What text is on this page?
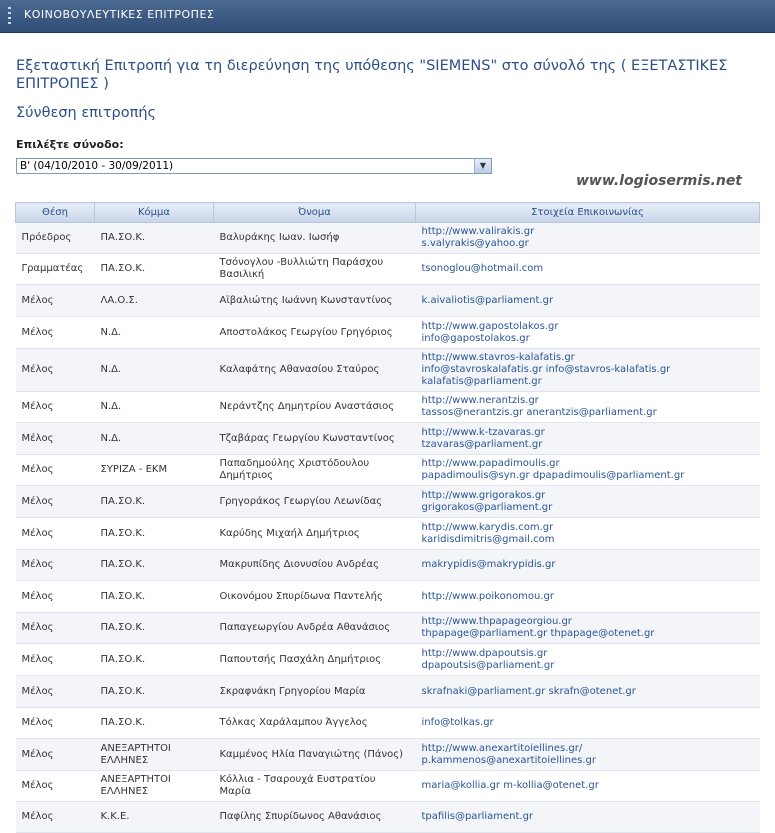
ΚΟΙΝΟΒΟΥΛΕΥΤΙΚΕΣ ΕΠΙΤΡΟΠΕΣ
Εξεταστική Επιτροπή για τη διερεύνηση της υπόθεσης "SIEMENS" στο σύνολό της ( ΕΞΕΤΑΣΤΙΚΕΣ ΕΠΙΤΡΟΠΕΣ )
Σύνθεση επιτροπής
Επιλέξτε σύνοδο:
Β' (04/10/2010 - 30/09/2011)	▼
www.logiosermis.net
Θέση	Κόμμα	Όνομα	Στοιχεία Επικοινωνίας
Πρόεδρος	ΠΑ.ΣΟ.Κ.	Βαλυράκης Ιωαν. Ιωσήφ	http://www.valirakis.gr
s.valyrakis@yahoo.gr

Γραμματέας	ΠΑ.ΣΟ.Κ.	Τσόνογλου -Βυλλιώτη Παράσχου Βασιλική	tsonoglou@hotmail.com

Μέλος	ΛΑ.Ο.Σ.	Αϊβαλιώτης Ιωάννη Κωνσταντίνος	k.aivaliotis@parliament.gr

Μέλος	Ν.Δ.	Αποστολάκος Γεωργίου Γρηγόριος	http://www.gapostolakos.gr
info@gapostolakos.gr

Μέλος	Ν.Δ.	Καλαφάτης Αθανασίου Σταύρος	http://www.stavros-kalafatis.gr
info@stavroskalafatis.gr info@stavros-kalafatis.gr
kalafatis@parliament.gr

Μέλος	Ν.Δ.	Νεράντζης Δημητρίου Αναστάσιος	http://www.nerantzis.gr
tassos@nerantzis.gr anerantzis@parliament.gr

Μέλος	Ν.Δ.	Τζαβάρας Γεωργίου Κωνσταντίνος	http://www.k-tzavaras.gr
tzavaras@parliament.gr

Μέλος	ΣΥΡΙΖΑ - ΕΚΜ	Παπαδημούλης Χριστόδουλου Δημήτριος	http://www.papadimoulis.gr
papadimoulis@syn.gr dpapadimoulis@parliament.gr

Μέλος	ΠΑ.ΣΟ.Κ.	Γρηγοράκος Γεωργίου Λεωνίδας	http://www.grigorakos.gr
grigorakos@parliament.gr

Μέλος	ΠΑ.ΣΟ.Κ.	Καρύδης Μιχαήλ Δημήτριος	http://www.karydis.com.gr
karidisdimitris@gmail.com

Μέλος	ΠΑ.ΣΟ.Κ.	Μακρυπίδης Διονυσίου Ανδρέας	makrypidis@makrypidis.gr

Μέλος	ΠΑ.ΣΟ.Κ.	Οικονόμου Σπυρίδωνα Παντελής	http://www.poikonomou.gr

Μέλος	ΠΑ.ΣΟ.Κ.	Παπαγεωργίου Ανδρέα Αθανάσιος	http://www.thpapageorgiou.gr
thpapage@parliament.gr thpapage@otenet.gr

Μέλος	ΠΑ.ΣΟ.Κ.	Παπουτσής Πασχάλη Δημήτριος	http://www.dpapoutsis.gr
dpapoutsis@parliament.gr

Μέλος	ΠΑ.ΣΟ.Κ.	Σκραφνάκη Γρηγορίου Μαρία	skrafnaki@parliament.gr skrafn@otenet.gr

Μέλος	ΠΑ.ΣΟ.Κ.	Τόλκας Χαράλαμπου Άγγελος	info@tolkas.gr

Μέλος	ΑΝΕΞΑΡΤΗΤΟΙ ΕΛΛΗΝΕΣ	Καμμένος Ηλία Παναγιώτης (Πάνος)	http://www.anexartitoiellines.gr/
p.kammenos@anexartitoiellines.gr

Μέλος	ΑΝΕΞΑΡΤΗΤΟΙ ΕΛΛΗΝΕΣ	Κόλλια - Τσαρουχά Ευστρατίου Μαρία	maria@kollia.gr m-kollia@otenet.gr

Μέλος	Κ.Κ.Ε.	Παφίλης Σπυρίδωνος Αθανάσιος	tpafilis@parliament.gr
